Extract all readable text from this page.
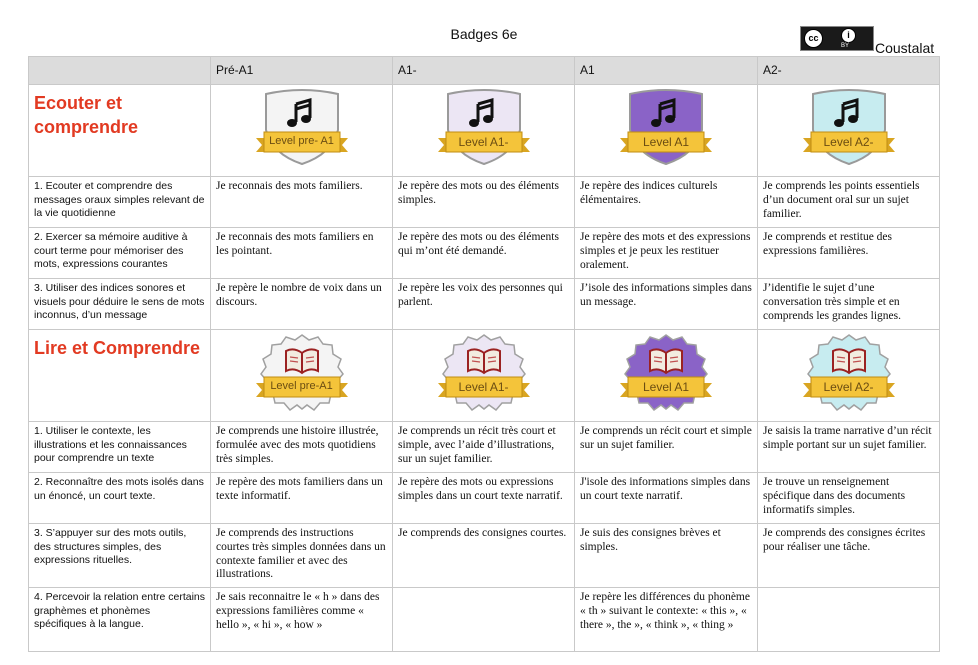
Badges 6e	cc	i
BY Coustalat
	Pré-A1	A1-	A1	A2-
Ecouter et comprendre	Level pre- A1	Level A1-	Level A1	Level A2-

1. Ecouter et comprendre des messages oraux simples relevant de la vie quotidienne	Je reconnais des mots familiers.	Je repère des mots ou des éléments simples.	Je repère des indices culturels élémentaires.	Je comprends les points essentiels d’un document oral sur un sujet familier.
2. Exercer sa mémoire auditive à court terme pour mémoriser des mots, expressions courantes	Je reconnais des mots familiers en les pointant.	Je repère des mots ou des éléments qui m’ont été demandé.	Je repère des mots et des expressions simples et je peux les restituer oralement.	Je comprends et restitue des expressions familières.
3. Utiliser des indices sonores et visuels pour déduire le sens de mots inconnus, d’un message	Je repère le nombre de voix dans un discours.	Je repère les voix des personnes qui parlent.	J’isole des informations simples dans un message.	J’identifie le sujet d’une conversation très simple et en comprends les grandes lignes.
Lire et Comprendre	Level pre-A1	Level A1-	Level A1	Level A2-

1. Utiliser le contexte, les illustrations et les connaissances pour comprendre un texte	Je comprends une histoire illustrée, formulée avec des mots quotidiens très simples.	Je comprends un récit très court et simple, avec l’aide d’illustrations, sur un sujet familier.	Je comprends un récit court et simple sur un sujet familier.	Je saisis la trame narrative d’un récit simple portant sur un sujet familier.
2. Reconnaître des mots isolés dans un énoncé, un court texte.	Je repère des mots familiers dans un texte informatif.	Je repère des mots ou expressions simples dans un court texte narratif.	J'isole des informations simples dans un court texte narratif.	Je trouve un renseignement spécifique dans des documents informatifs simples.
3. S’appuyer sur des mots outils, des structures simples, des expressions rituelles.	Je comprends des instructions courtes très simples données dans un contexte familier et avec des illustrations.	Je comprends des consignes courtes.	Je suis des consignes brèves et simples.	Je comprends des consignes écrites pour réaliser une tâche.
4. Percevoir la relation entre certains graphèmes et phonèmes spécifiques à la langue.	Je sais reconnaitre le « h » dans des expressions familières comme « hello », « hi », « how »		Je repère les différences du phonème « th » suivant le contexte: « this », « there », the », « think », « thing »	
